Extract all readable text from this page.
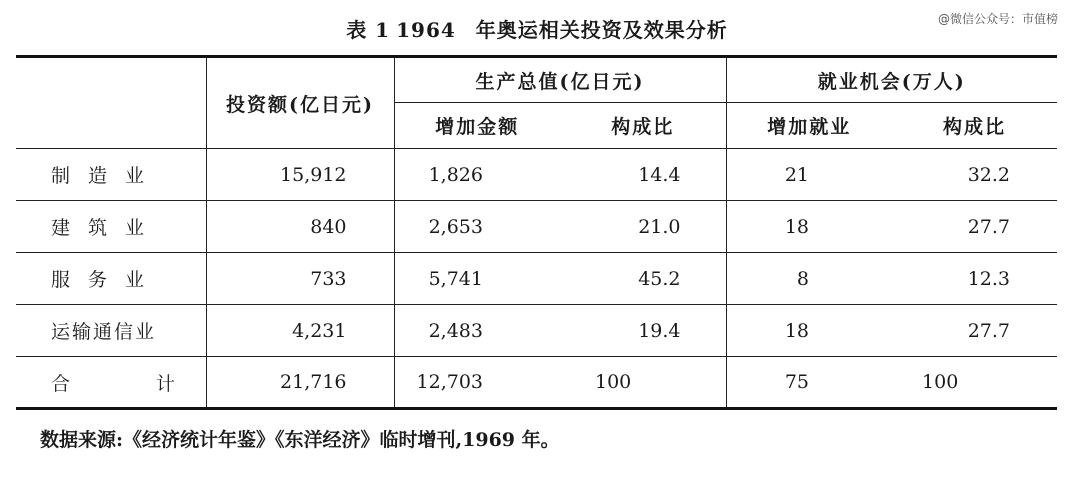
表 1 1964 年奥运相关投资及效果分析	@微信公众号：市值榜
	投资额(亿日元)	生产总值(亿日元)		就业机会(万人)	
		增加金额	构成比	增加就业	构成比
制造业	15,912	1,826	14.4	21	32.2
建筑业	840	2,653	21.0	18	27.7
服务业	733	5,741	45.2	8	12.3
运输通信业	4,231	2,483	19.4	18	27.7
合 计	21,716	12,703	100	75	100
数据来源:《经济统计年鉴》《东洋经济》临时增刊,1969 年。
